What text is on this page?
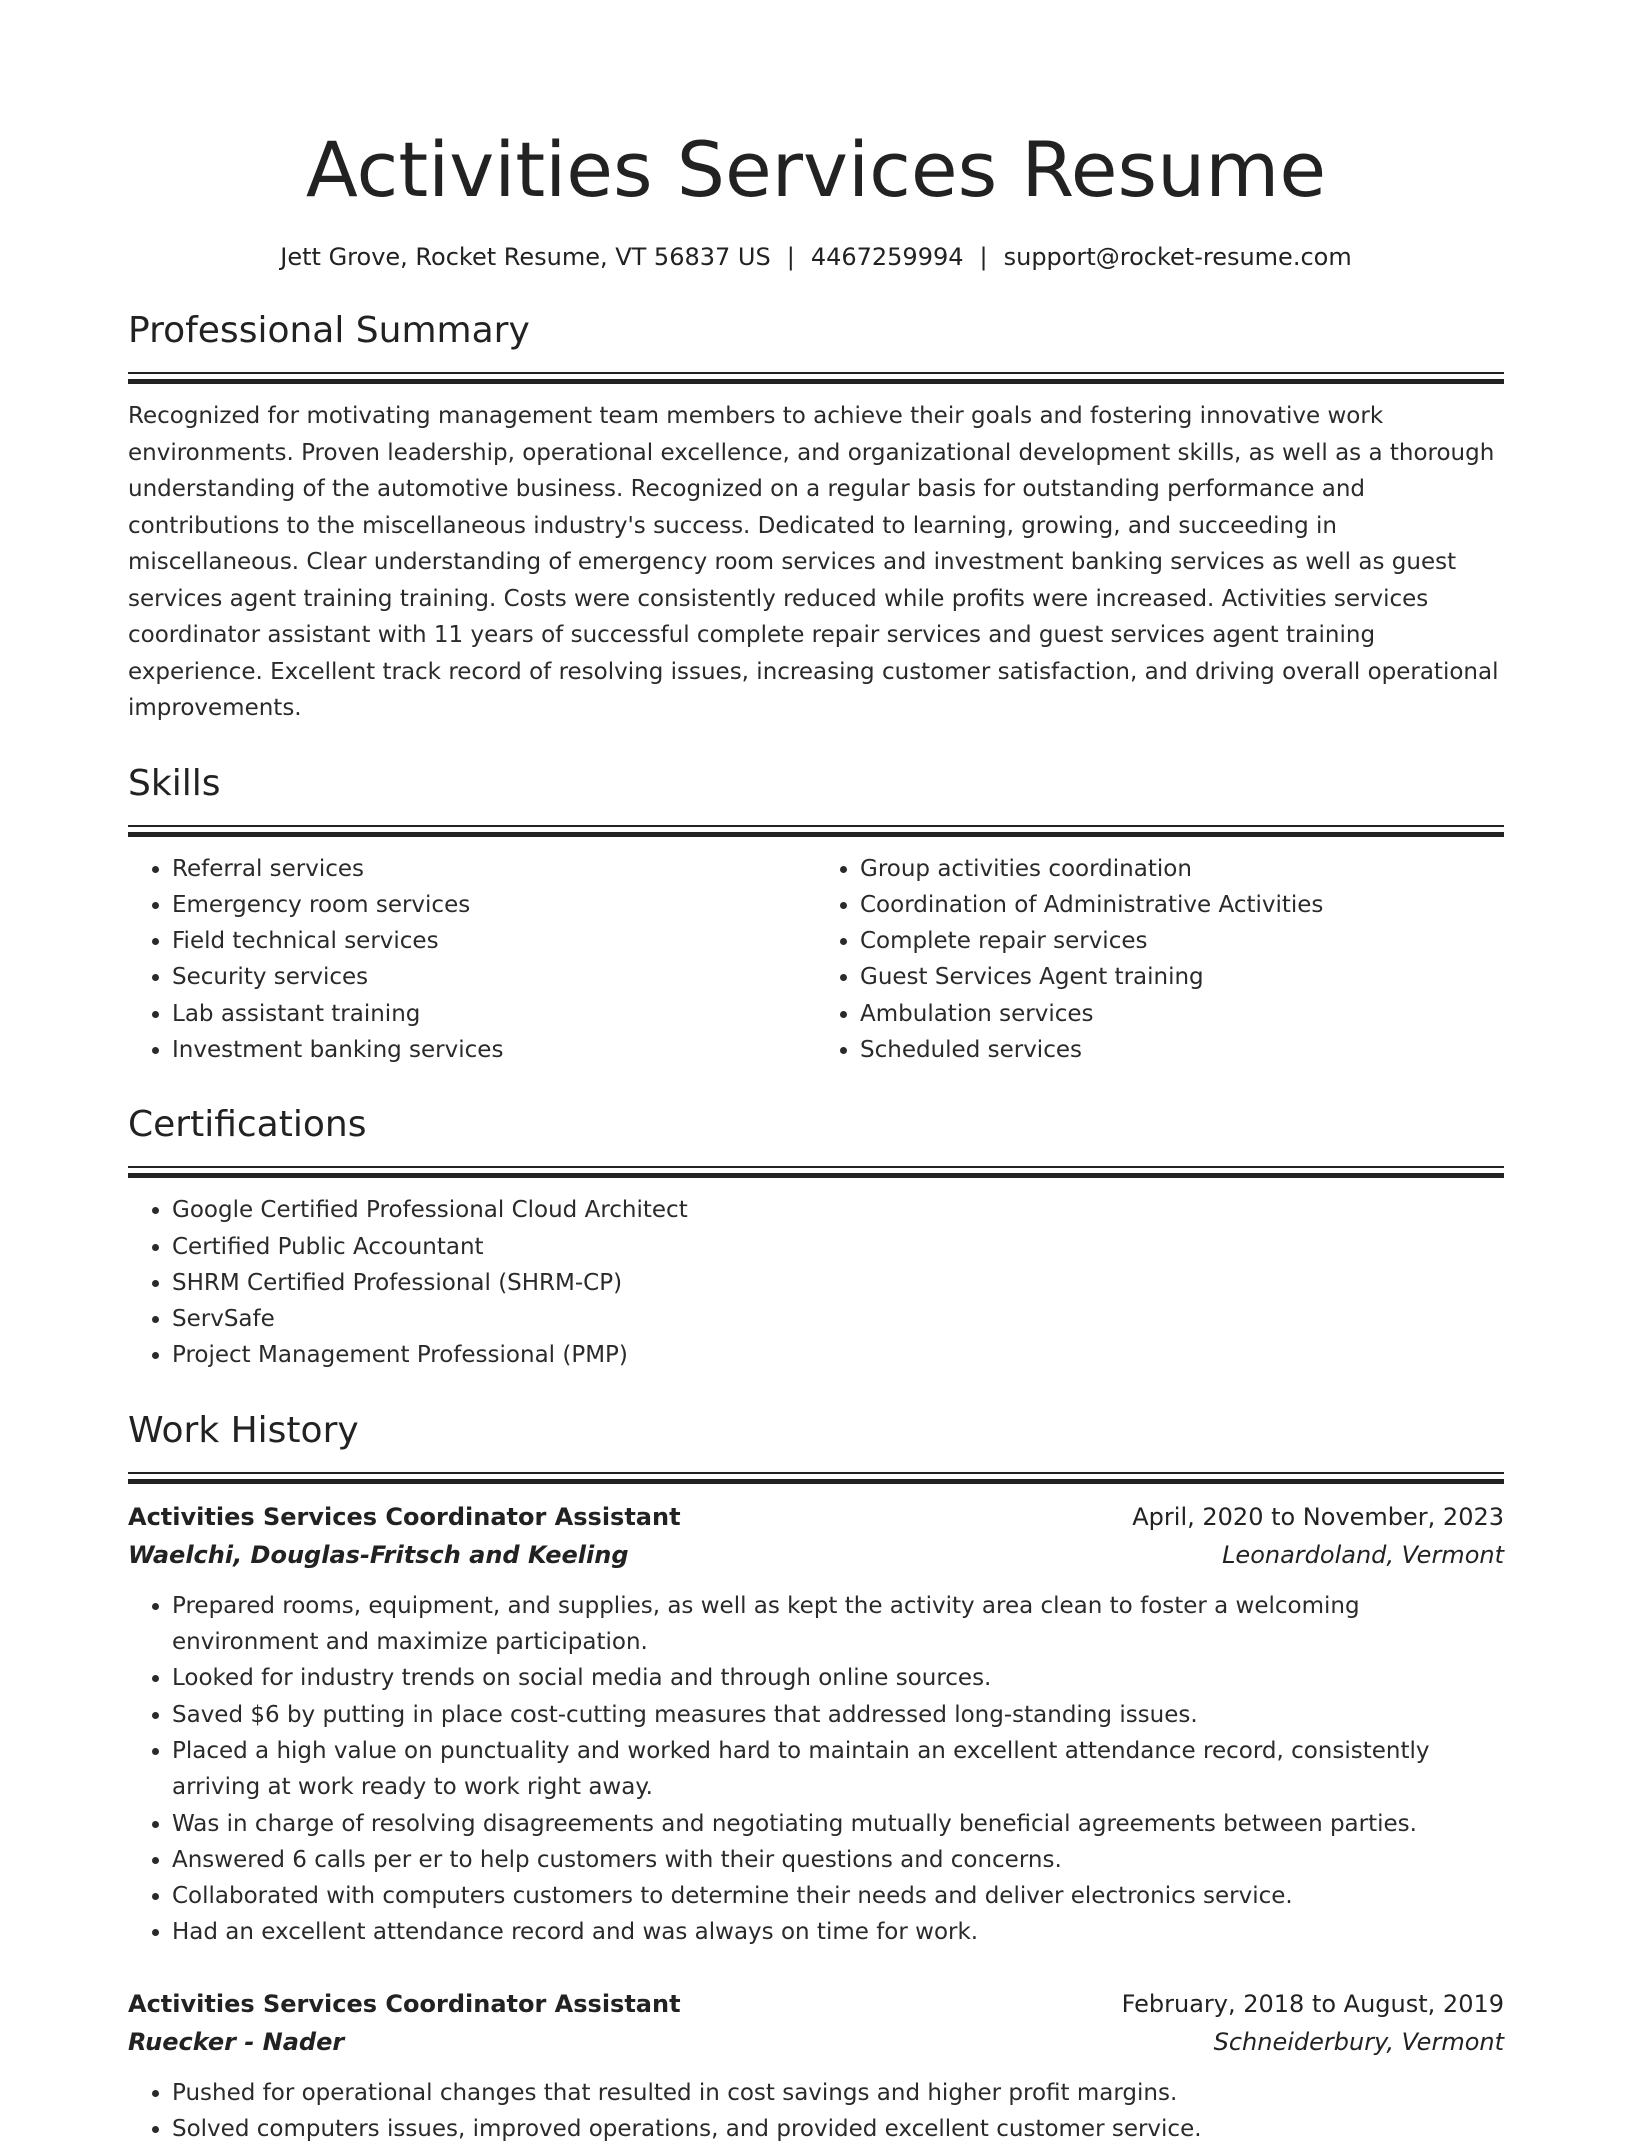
Activities Services Resume
Jett Grove, Rocket Resume, VT 56837 US | 4467259994 | support@rocket-resume.com
Professional Summary

Recognized for motivating management team members to achieve their goals and fostering innovative work environments. Proven leadership, operational excellence, and organizational development skills, as well as a thorough understanding of the automotive business. Recognized on a regular basis for outstanding performance and contributions to the miscellaneous industry's success. Dedicated to learning, growing, and succeeding in miscellaneous. Clear understanding of emergency room services and investment banking services as well as guest services agent training training. Costs were consistently reduced while profits were increased. Activities services coordinator assistant with 11 years of successful complete repair services and guest services agent training experience. Excellent track record of resolving issues, increasing customer satisfaction, and driving overall operational improvements.

Skills
• Referral services
• Emergency room services
• Field technical services
• Security services
• Lab assistant training
• Investment banking services
• Group activities coordination
• Coordination of Administrative Activities
• Complete repair services
• Guest Services Agent training
• Ambulation services
• Scheduled services
Certifications
• Google Certified Professional Cloud Architect
• Certified Public Accountant
• SHRM Certified Professional (SHRM-CP)
• ServSafe
• Project Management Professional (PMP)
Work History
Activities Services Coordinator Assistant	April, 2020 to November, 2023
Waelchi, Douglas-Fritsch and Keeling	Leonardoland, Vermont
• Prepared rooms, equipment, and supplies, as well as kept the activity area clean to foster a welcoming environment and maximize participation.
• Looked for industry trends on social media and through online sources.
• Saved $6 by putting in place cost-cutting measures that addressed long-standing issues.
• Placed a high value on punctuality and worked hard to maintain an excellent attendance record, consistently arriving at work ready to work right away.
• Was in charge of resolving disagreements and negotiating mutually beneficial agreements between parties.
• Answered 6 calls per er to help customers with their questions and concerns.
• Collaborated with computers customers to determine their needs and deliver electronics service.
• Had an excellent attendance record and was always on time for work.
Activities Services Coordinator Assistant	February, 2018 to August, 2019
Ruecker - Nader	Schneiderbury, Vermont
• Pushed for operational changes that resulted in cost savings and higher profit margins.
• Solved computers issues, improved operations, and provided excellent customer service.
